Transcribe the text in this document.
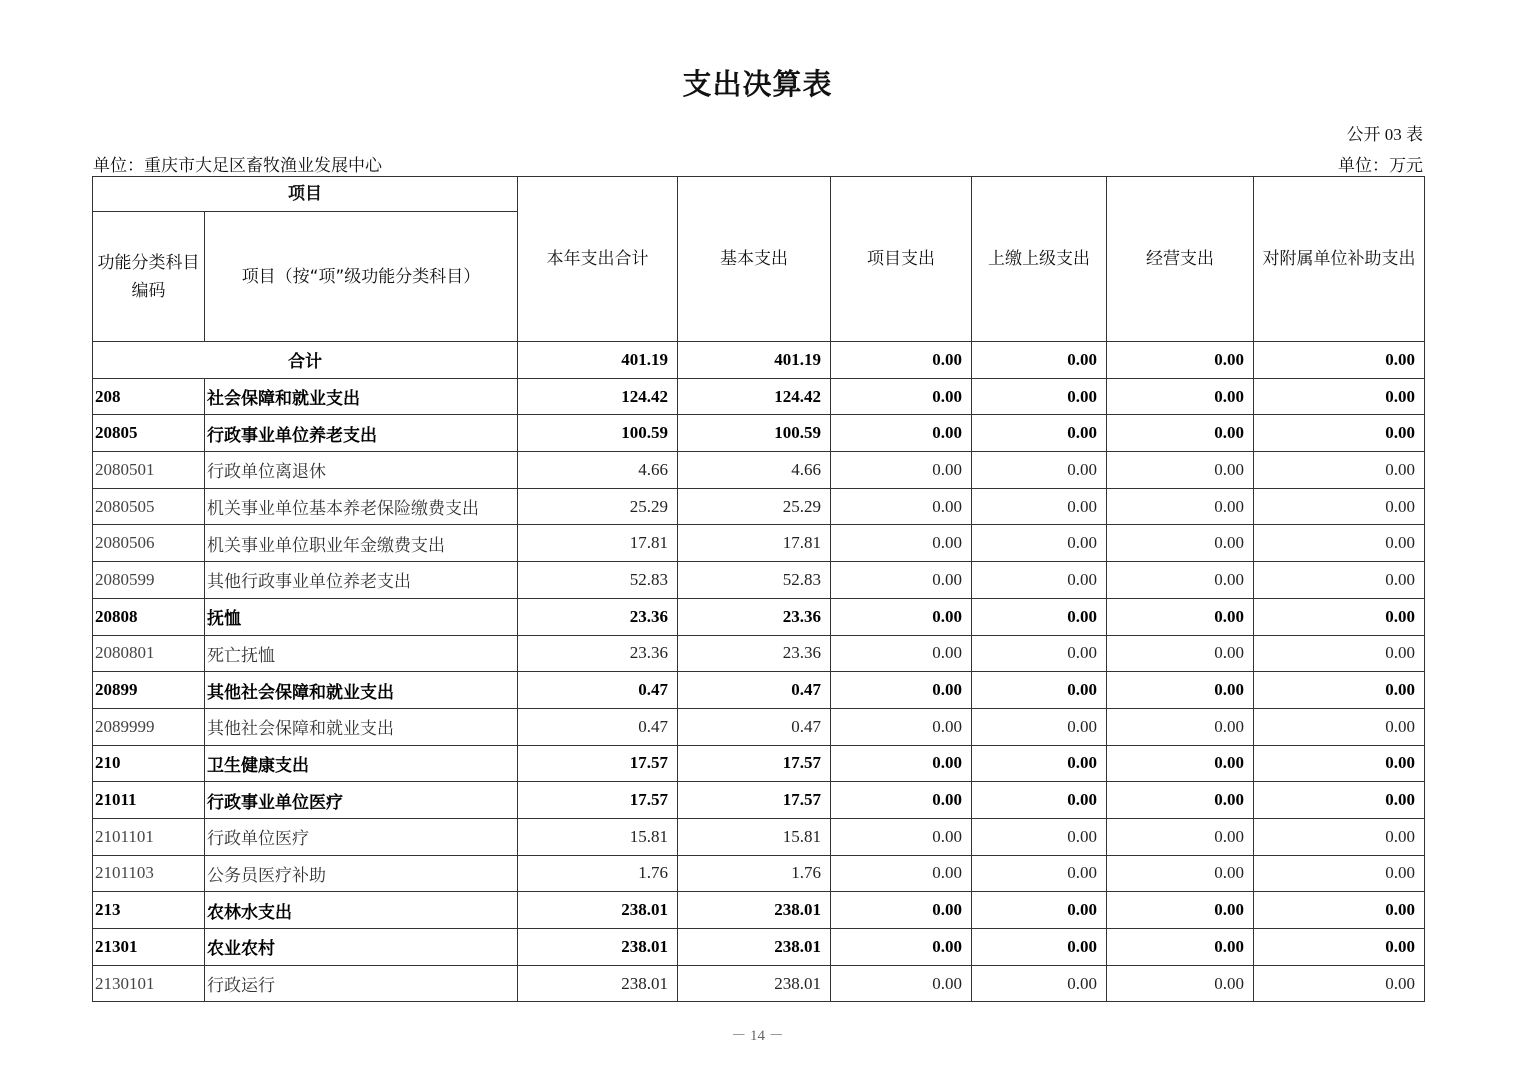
支出决算表
公开 03 表
单位：重庆市大足区畜牧渔业发展中心	单位：万元
项目		本年支出合计	基本支出	项目支出	上缴上级支出	经营支出	对附属单位补助支出
功能分类科目编码	项目（按“项”级功能分类科目）						
合计		401.19	401.19	0.00	0.00	0.00	0.00
208	社会保障和就业支出	124.42	124.42	0.00	0.00	0.00	0.00
20805	行政事业单位养老支出	100.59	100.59	0.00	0.00	0.00	0.00
2080501	行政单位离退休	4.66	4.66	0.00	0.00	0.00	0.00
2080505	机关事业单位基本养老保险缴费支出	25.29	25.29	0.00	0.00	0.00	0.00
2080506	机关事业单位职业年金缴费支出	17.81	17.81	0.00	0.00	0.00	0.00
2080599	其他行政事业单位养老支出	52.83	52.83	0.00	0.00	0.00	0.00
20808	抚恤	23.36	23.36	0.00	0.00	0.00	0.00
2080801	死亡抚恤	23.36	23.36	0.00	0.00	0.00	0.00
20899	其他社会保障和就业支出	0.47	0.47	0.00	0.00	0.00	0.00
2089999	其他社会保障和就业支出	0.47	0.47	0.00	0.00	0.00	0.00
210	卫生健康支出	17.57	17.57	0.00	0.00	0.00	0.00
21011	行政事业单位医疗	17.57	17.57	0.00	0.00	0.00	0.00
2101101	行政单位医疗	15.81	15.81	0.00	0.00	0.00	0.00
2101103	公务员医疗补助	1.76	1.76	0.00	0.00	0.00	0.00
213	农林水支出	238.01	238.01	0.00	0.00	0.00	0.00
21301	农业农村	238.01	238.01	0.00	0.00	0.00	0.00
2130101	行政运行	238.01	238.01	0.00	0.00	0.00	0.00
－ 14 －
